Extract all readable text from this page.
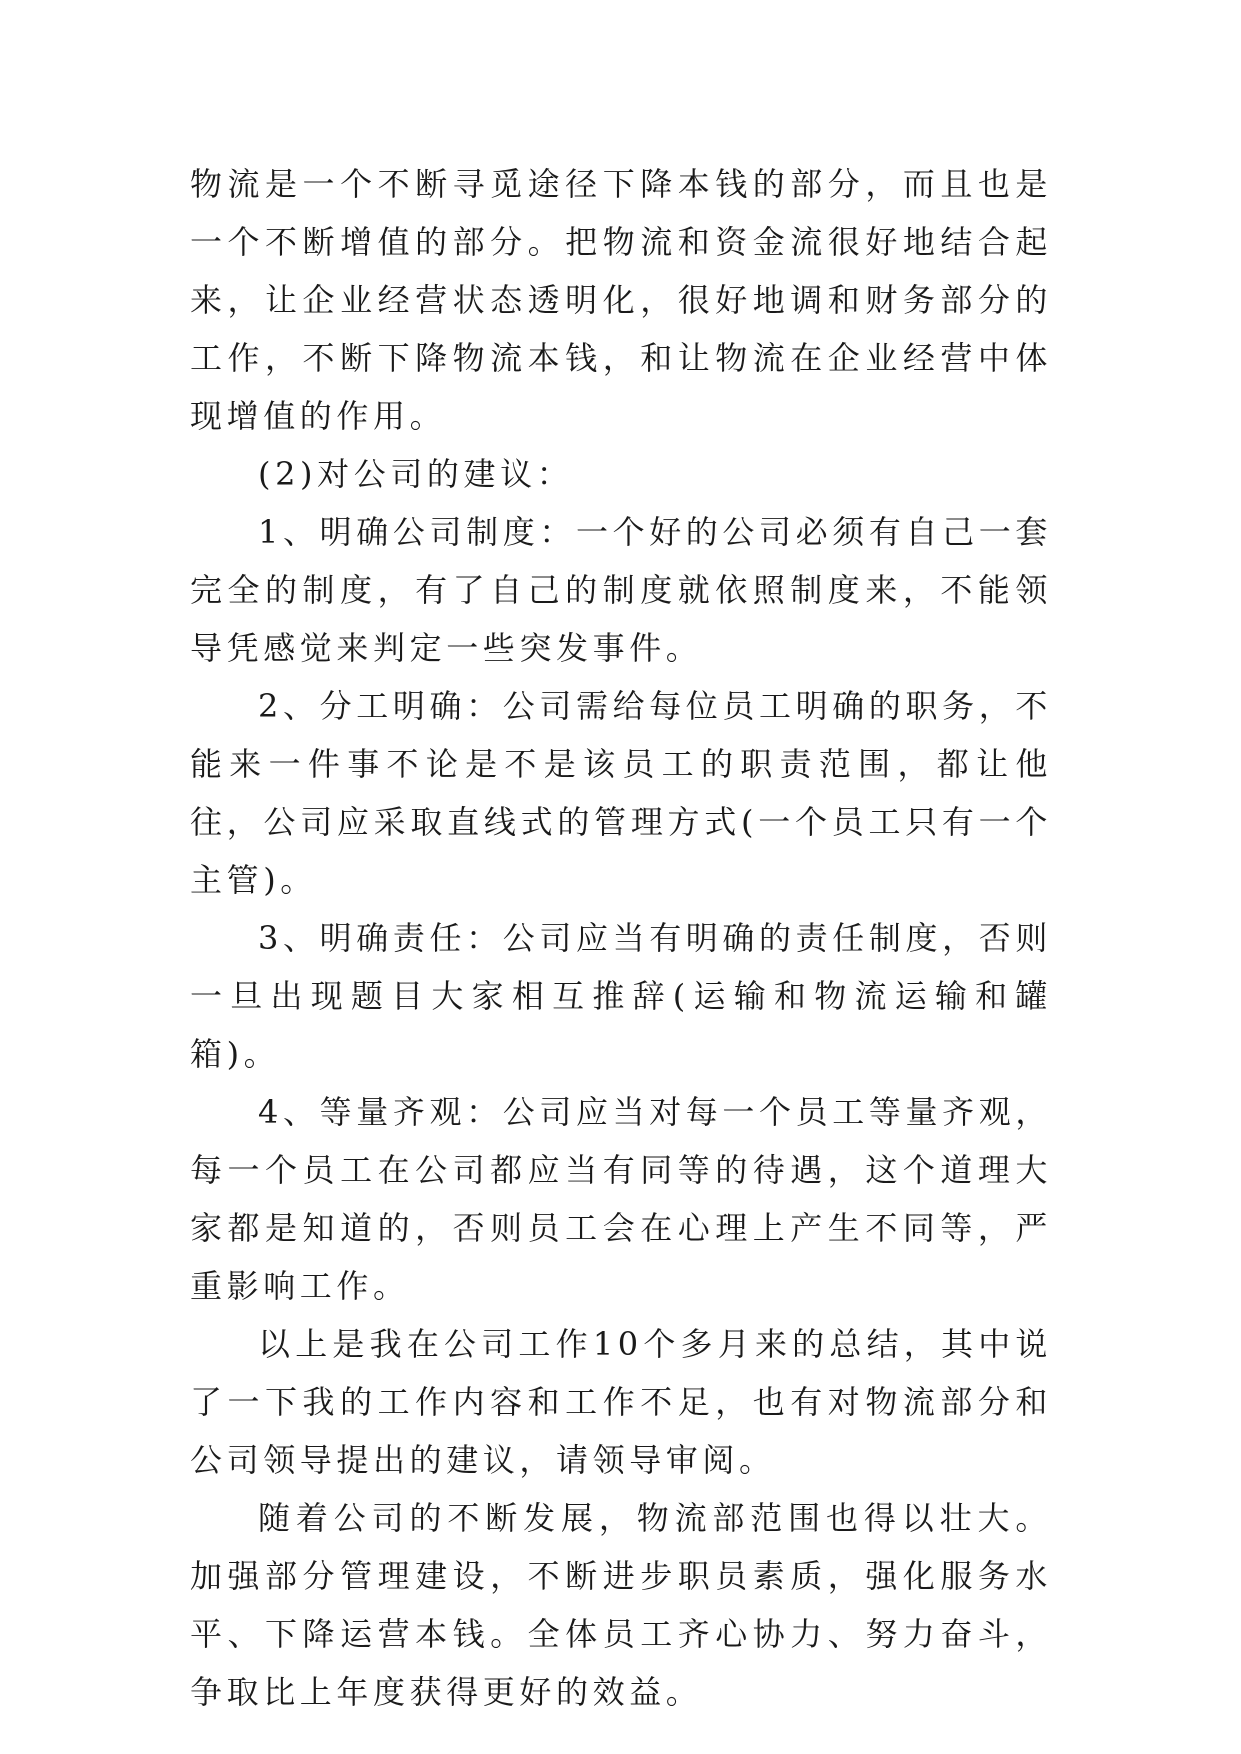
物流是一个不断寻觅途径下降本钱的部分，而且也是一个不断增值的部分。把物流和资金流很好地结合起来，让企业经营状态透明化，很好地调和财务部分的工作，不断下降物流本钱，和让物流在企业经营中体现增值的作用。

(2)对公司的建议：

1、明确公司制度：一个好的公司必须有自己一套完全的制度，有了自己的制度就依照制度来，不能领导凭感觉来判定一些突发事件。

2、分工明确：公司需给每位员工明确的职务，不能来一件事不论是不是该员工的职责范围，都让他往，公司应采取直线式的管理方式(一个员工只有一个主管)。

3、明确责任：公司应当有明确的责任制度，否则一旦出现题目大家相互推辞(运输和物流运输和罐箱)。

4、等量齐观：公司应当对每一个员工等量齐观，每一个员工在公司都应当有同等的待遇，这个道理大家都是知道的，否则员工会在心理上产生不同等，严重影响工作。

以上是我在公司工作10个多月来的总结，其中说了一下我的工作内容和工作不足，也有对物流部分和公司领导提出的建议，请领导审阅。

随着公司的不断发展，物流部范围也得以壮大。加强部分管理建设，不断进步职员素质，强化服务水平、下降运营本钱。全体员工齐心协力、努力奋斗，争取比上年度获得更好的效益。
